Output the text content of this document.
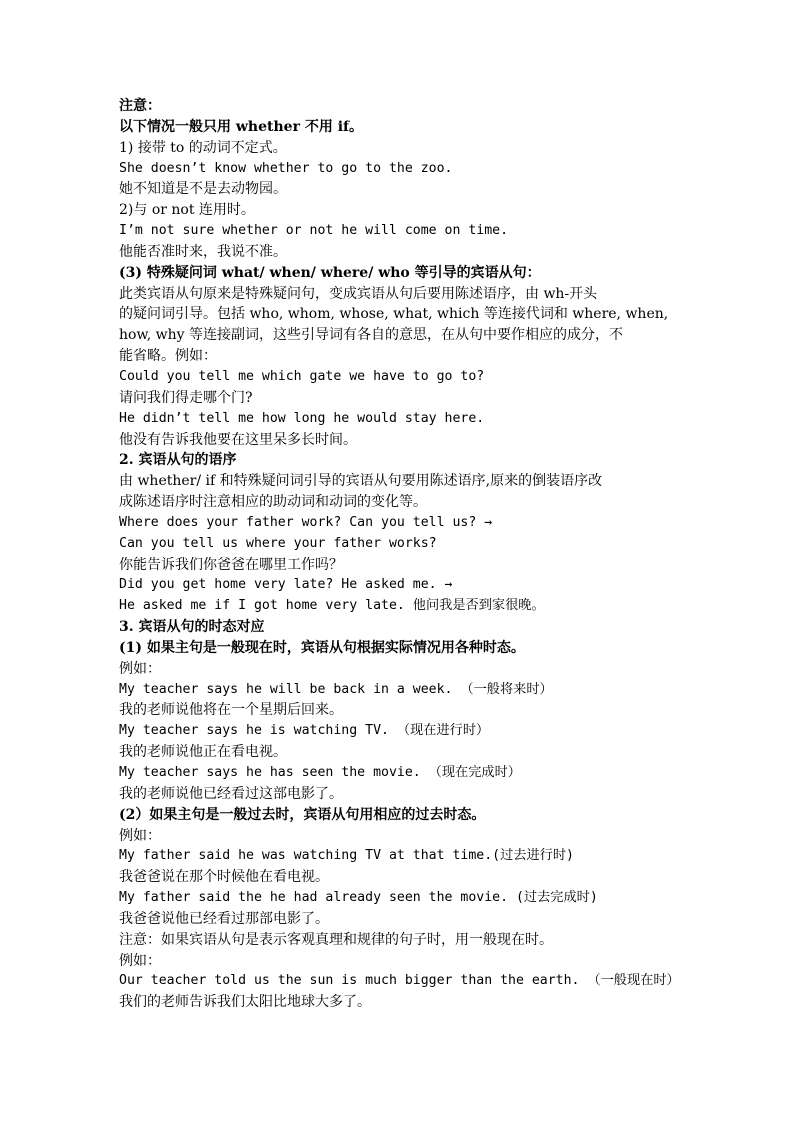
注意：
以下情况一般只用 whether 不用 if。
1) 接带 to 的动词不定式。
She doesn’t know whether to go to the zoo.
她不知道是不是去动物园。
2)与 or not 连用时。
I’m not sure whether or not he will come on time.
他能否准时来，我说不准。
(3) 特殊疑问词 what/ when/ where/ who 等引导的宾语从句：
此类宾语从句原来是特殊疑问句，变成宾语从句后要用陈述语序，由 wh-开头
的疑问词引导。包括 who, whom, whose, what, which 等连接代词和 where, when,
how, why 等连接副词，这些引导词有各自的意思，在从句中要作相应的成分，不
能省略。例如：
Could you tell me which gate we have to go to?
请问我们得走哪个门?
He didn’t tell me how long he would stay here.
他没有告诉我他要在这里呆多长时间。
2. 宾语从句的语序
由 whether/ if 和特殊疑问词引导的宾语从句要用陈述语序,原来的倒装语序改
成陈述语序时注意相应的助动词和动词的变化等。
Where does your father work? Can you tell us? →
Can you tell us where your father works?
你能告诉我们你爸爸在哪里工作吗？
Did you get home very late? He asked me. →
He asked me if I got home very late. 他问我是否到家很晚。
3. 宾语从句的时态对应
(1) 如果主句是一般现在时，宾语从句根据实际情况用各种时态。
例如：
My teacher says he will be back in a week. （一般将来时）
我的老师说他将在一个星期后回来。
My teacher says he is watching TV. （现在进行时）
我的老师说他正在看电视。
My teacher says he has seen the movie. （现在完成时）
我的老师说他已经看过这部电影了。
(2）如果主句是一般过去时，宾语从句用相应的过去时态。
例如：
My father said he was watching TV at that time.(过去进行时)
我爸爸说在那个时候他在看电视。
My father said the he had already seen the movie. (过去完成时)
我爸爸说他已经看过那部电影了。
注意：如果宾语从句是表示客观真理和规律的句子时，用一般现在时。
例如：
Our teacher told us the sun is much bigger than the earth. （一般现在时）
我们的老师告诉我们太阳比地球大多了。
